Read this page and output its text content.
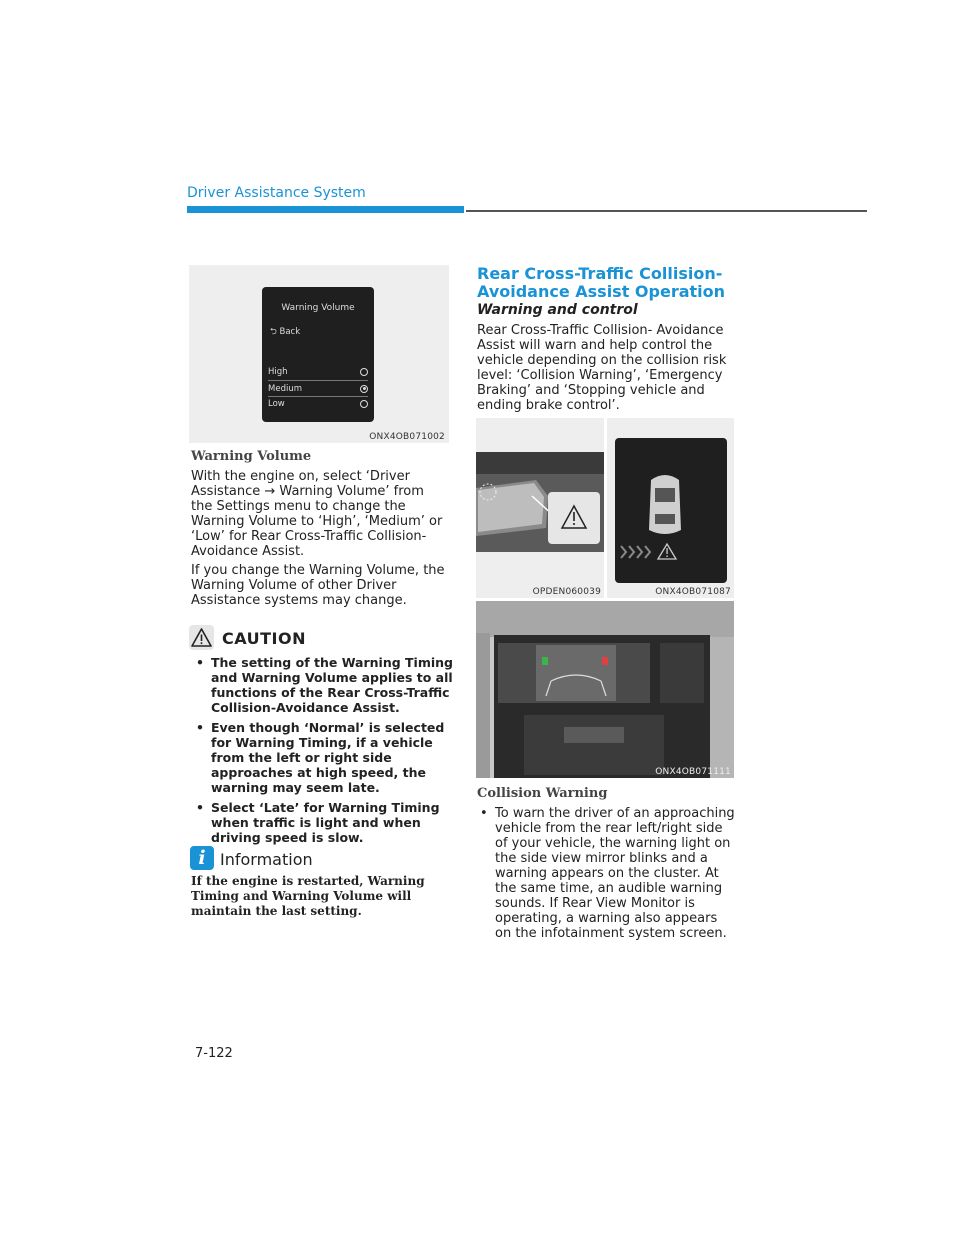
Driver Assistance System
Warning Volume
⮌ Back
High
Medium
Low
ONX4OB071002
Warning Volume
With the engine on, select ‘Driver Assistance → Warning Volume’ from the Settings menu to change the Warning Volume to ‘High’, ‘Medium’ or ‘Low’ for Rear Cross-Traffic Collision- Avoidance Assist.
If you change the Warning Volume, the Warning Volume of other Driver Assistance systems may change.
CAUTION
• The setting of the Warning Timing and Warning Volume applies to all functions of the Rear Cross-Traffic Collision-Avoidance Assist.
• Even though ‘Normal’ is selected for Warning Timing, if a vehicle from the left or right side approaches at high speed, the warning may seem late.
• Select ‘Late’ for Warning Timing when traffic is light and when driving speed is slow.
i Information
If the engine is restarted, Warning Timing and Warning Volume will maintain the last setting.
Rear Cross-Traffic Collision-
Avoidance Assist Operation
Warning and control
Rear Cross-Traffic Collision- Avoidance Assist will warn and help control the vehicle depending on the collision risk level: ‘Collision Warning’, ‘Emergency Braking’ and ‘Stopping vehicle and ending brake control’.
OPDEN060039	ONX4OB071087
ONX4OB071111
Collision Warning
• To warn the driver of an approaching vehicle from the rear left/right side of your vehicle, the warning light on the side view mirror blinks and a warning appears on the cluster. At the same time, an audible warning sounds. If Rear View Monitor is operating, a warning also appears on the infotainment system screen.
7-122
